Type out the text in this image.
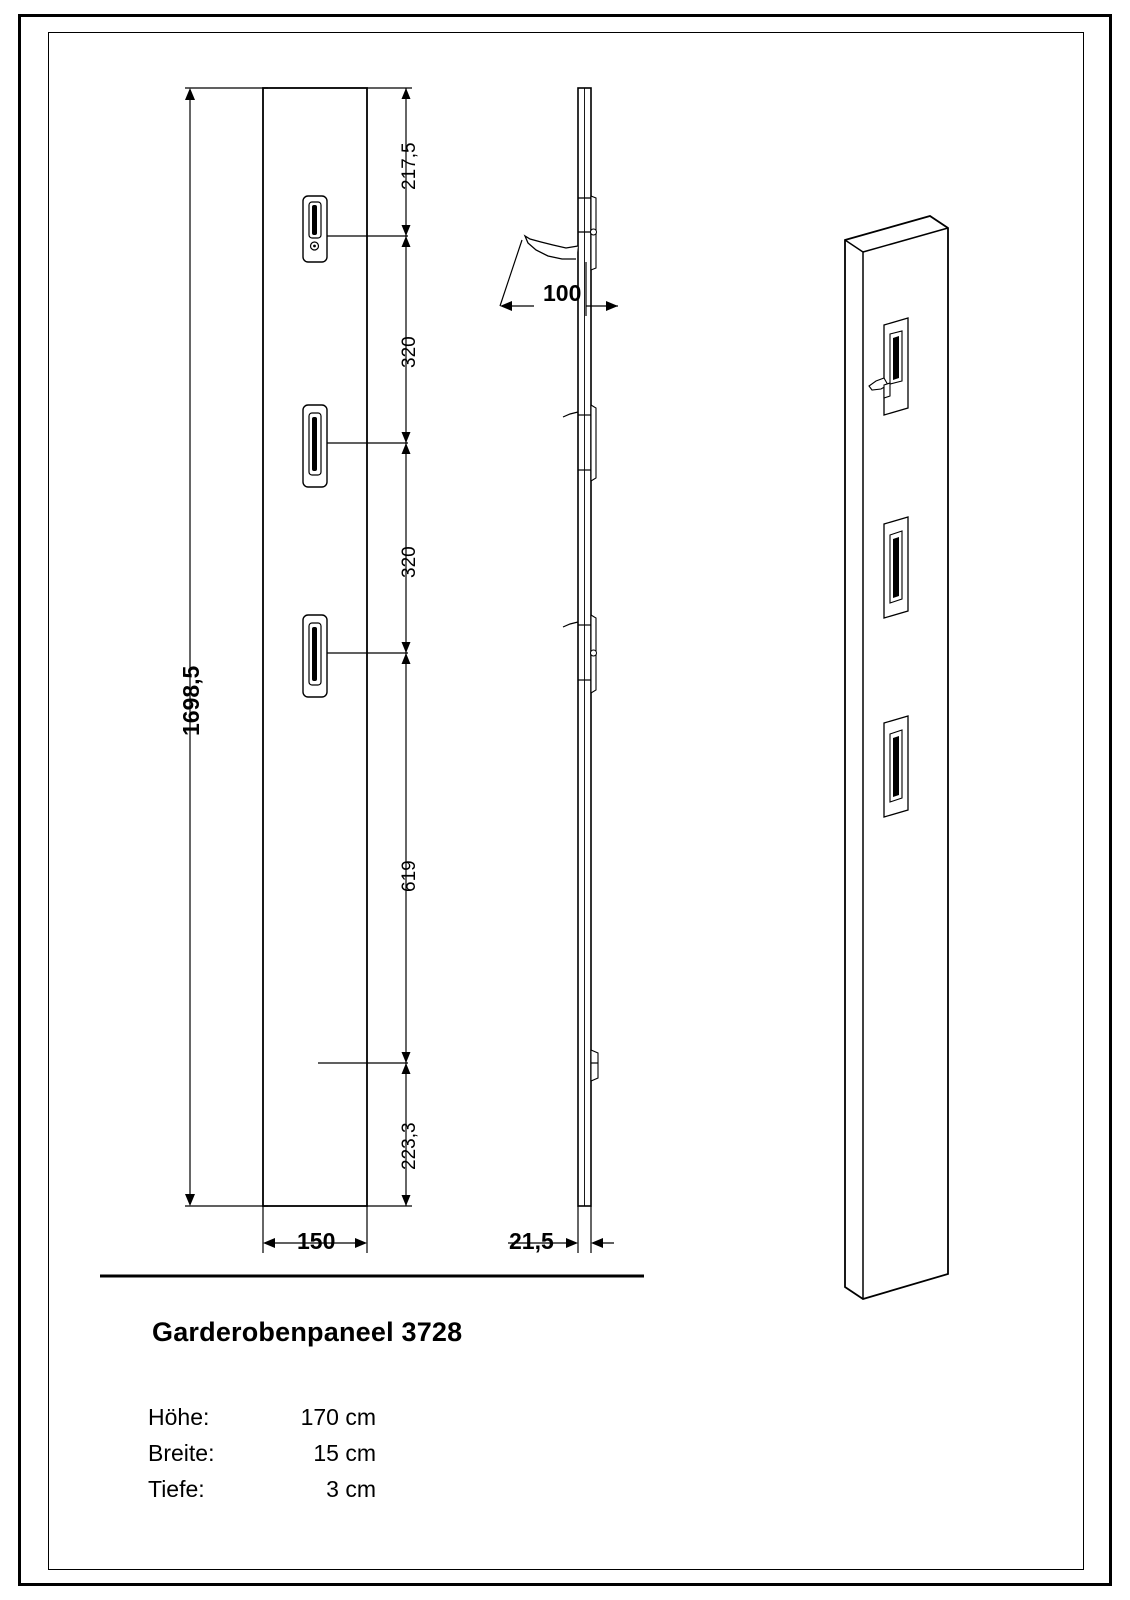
1698,5
217,5
320
320
619
223,3
150	21,5
100
Garderobenpaneel 3728
Höhe:	170 cm
Breite:	15 cm
Tiefe:	3 cm
